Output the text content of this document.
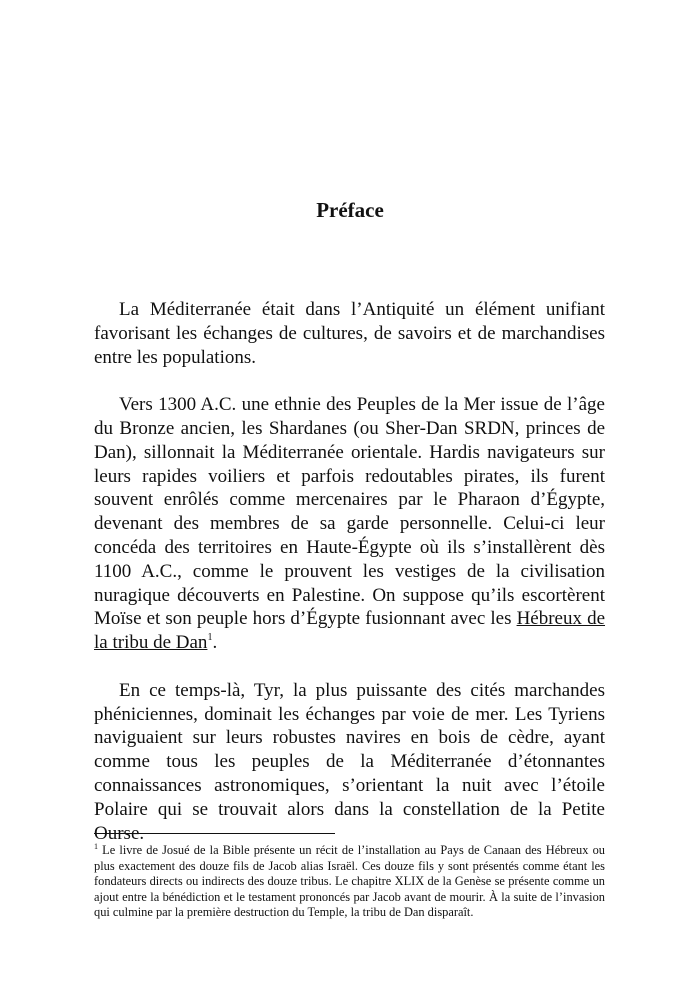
Préface

La Méditerranée était dans l’Antiquité un élément unifiant favorisant les échanges de cultures, de savoirs et de marchandises entre les populations.

Vers 1300 A.C. une ethnie des Peuples de la Mer issue de l’âge du Bronze ancien, les Shardanes (ou Sher-Dan SRDN, princes de Dan), sillonnait la Méditerranée orientale. Hardis navigateurs sur leurs rapides voiliers et parfois redoutables pirates, ils furent souvent enrôlés comme mercenaires par le Pharaon d’Égypte, devenant des membres de sa garde personnelle. Celui-ci leur concéda des territoires en Haute-Égypte où ils s’installèrent dès 1100 A.C., comme le prouvent les vestiges de la civilisation nuragique découverts en Palestine. On suppose qu’ils escortèrent Moïse et son peuple hors d’Égypte fusionnant avec les Hébreux de la tribu de Dan$^1$.

En ce temps-là, Tyr, la plus puissante des cités marchandes phéniciennes, dominait les échanges par voie de mer. Les Tyriens naviguaient sur leurs robustes navires en bois de cèdre, ayant comme tous les peuples de la Méditerranée d’étonnantes connaissances astronomiques, s’orientant la nuit avec l’étoile Polaire qui se trouvait alors dans la constellation de la Petite Ourse.

$^1$ Le livre de Josué de la Bible présente un récit de l’installation au Pays de Canaan des Hébreux ou plus exactement des douze fils de Jacob alias Israël. Ces douze fils y sont présentés comme étant les fondateurs directs ou indirects des douze tribus. Le chapitre XLIX de la Genèse se présente comme un ajout entre la bénédiction et le testament prononcés par Jacob avant de mourir. À la suite de l’invasion qui culmine par la première destruction du Temple, la tribu de Dan disparaît.
